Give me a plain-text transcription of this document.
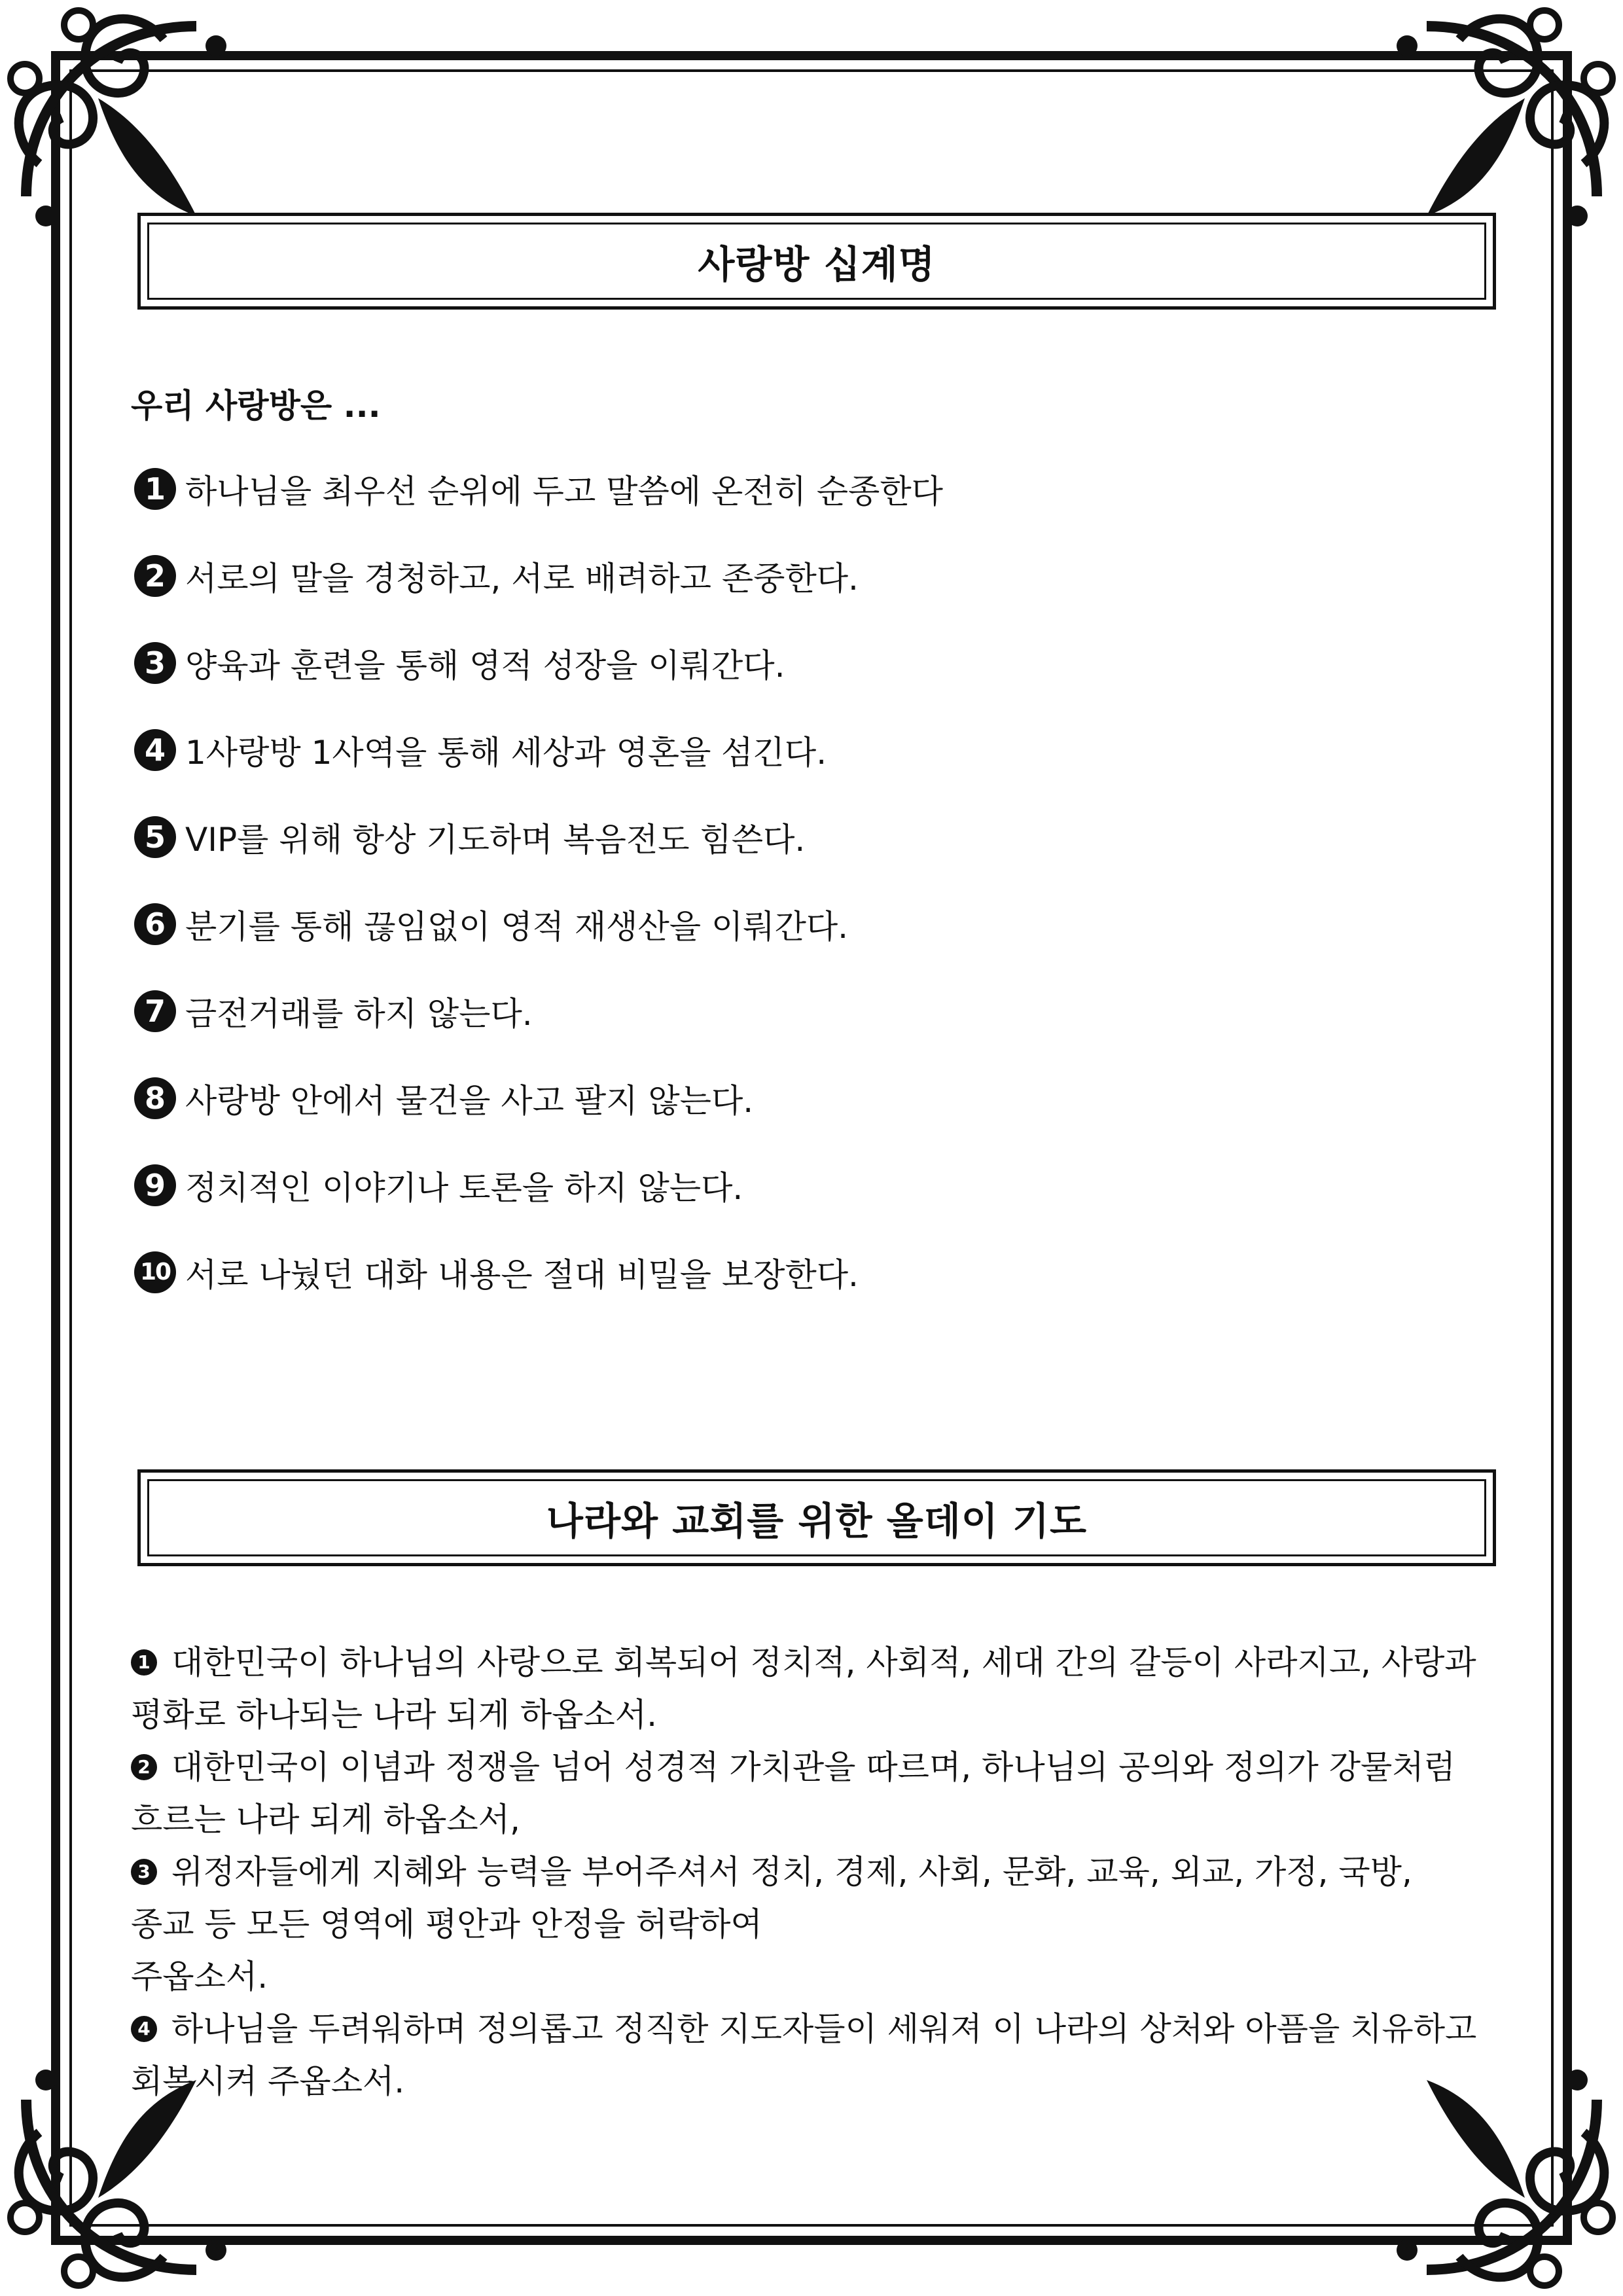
사랑방 십계명
우리 사랑방은 ...
1 하나님을 최우선 순위에 두고 말씀에 온전히 순종한다
2 서로의 말을 경청하고, 서로 배려하고 존중한다.
3 양육과 훈련을 통해 영적 성장을 이뤄간다.
4 1사랑방 1사역을 통해 세상과 영혼을 섬긴다.
5 VIP를 위해 항상 기도하며 복음전도 힘쓴다.
6 분기를 통해 끊임없이 영적 재생산을 이뤄간다.
7 금전거래를 하지 않는다.
8 사랑방 안에서 물건을 사고 팔지 않는다.
9 정치적인 이야기나 토론을 하지 않는다.
10 서로 나눴던 대화 내용은 절대 비밀을 보장한다.
나라와 교회를 위한 올데이 기도
1 대한민국이 하나님의 사랑으로 회복되어 정치적, 사회적, 세대 간의 갈등이 사라지고, 사랑과
평화로 하나되는 나라 되게 하옵소서.
2 대한민국이 이념과 정쟁을 넘어 성경적 가치관을 따르며, 하나님의 공의와 정의가 강물처럼
흐르는 나라 되게 하옵소서,
3 위정자들에게 지혜와 능력을 부어주셔서 정치, 경제, 사회, 문화, 교육, 외교, 가정, 국방,
종교 등 모든 영역에 평안과 안정을 허락하여
주옵소서.
4 하나님을 두려워하며 정의롭고 정직한 지도자들이 세워져 이 나라의 상처와 아픔을 치유하고
회복시켜 주옵소서.
